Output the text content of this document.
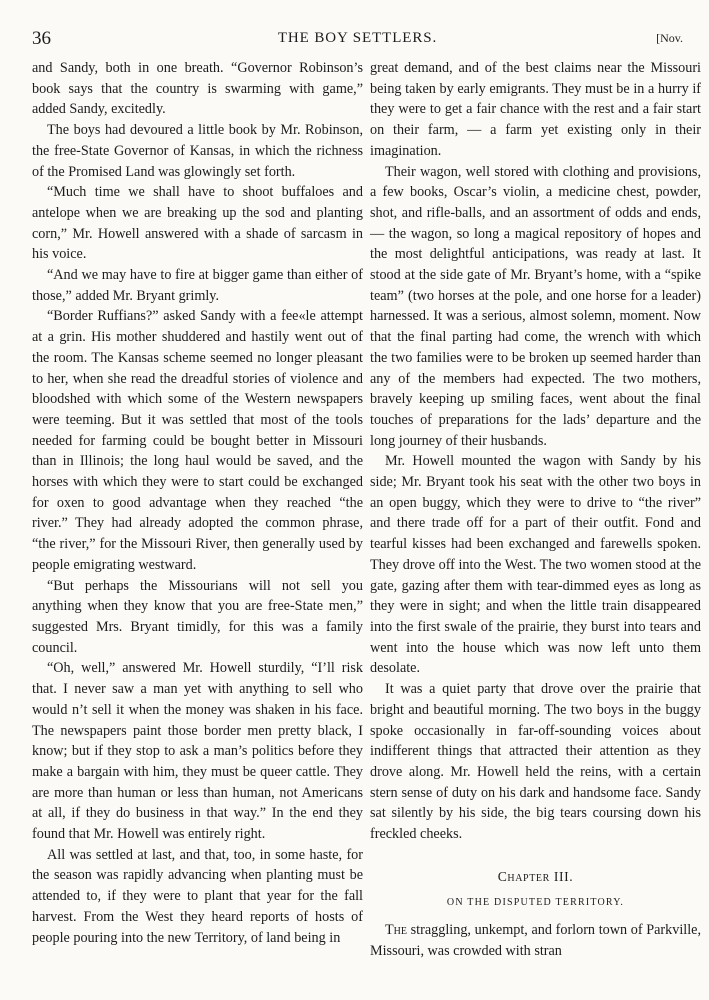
36	THE BOY SETTLERS.	[Nov.

and Sandy, both in one breath. “Governor Robinson’s book says that the country is swarming with game,” added Sandy, excitedly.

The boys had devoured a little book by Mr. Robinson, the free-State Governor of Kansas, in which the richness of the Promised Land was glowingly set forth.

“Much time we shall have to shoot buffaloes and antelope when we are breaking up the sod and planting corn,” Mr. Howell answered with a shade of sarcasm in his voice.

“And we may have to fire at bigger game than either of those,” added Mr. Bryant grimly.

“Border Ruffians?” asked Sandy with a fee«le attempt at a grin. His mother shuddered and hastily went out of the room. The Kansas scheme seemed no longer pleasant to her, when she read the dreadful stories of violence and bloodshed with which some of the Western newspapers were teeming. But it was settled that most of the tools needed for farming could be bought better in Missouri than in Illinois; the long haul would be saved, and the horses with which they were to start could be exchanged for oxen to good advantage when they reached “the river.” They had already adopted the common phrase, “the river,” for the Missouri River, then generally used by people emigrating westward.

“But perhaps the Missourians will not sell you anything when they know that you are free-State men,” suggested Mrs. Bryant timidly, for this was a family council.

“Oh, well,” answered Mr. Howell sturdily, “I’ll risk that. I never saw a man yet with anything to sell who would n’t sell it when the money was shaken in his face. The newspapers paint those border men pretty black, I know; but if they stop to ask a man’s politics before they make a bargain with him, they must be queer cattle. They are more than human or less than human, not Americans at all, if they do business in that way.” In the end they found that Mr. Howell was entirely right.

All was settled at last, and that, too, in some haste, for the season was rapidly advancing when planting must be attended to, if they were to plant that year for the fall harvest. From the West they heard reports of hosts of people pouring into the new Territory, of land being in

great demand, and of the best claims near the Missouri being taken by early emigrants. They must be in a hurry if they were to get a fair chance with the rest and a fair start on their farm, — a farm yet existing only in their imagination.

Their wagon, well stored with clothing and provisions, a few books, Oscar’s violin, a medicine chest, powder, shot, and rifle-balls, and an assortment of odds and ends, — the wagon, so long a magical repository of hopes and the most delightful anticipations, was ready at last. It stood at the side gate of Mr. Bryant’s home, with a “spike team” (two horses at the pole, and one horse for a leader) harnessed. It was a serious, almost solemn, moment. Now that the final parting had come, the wrench with which the two families were to be broken up seemed harder than any of the members had expected. The two mothers, bravely keeping up smiling faces, went about the final touches of preparations for the lads’ departure and the long journey of their husbands.

Mr. Howell mounted the wagon with Sandy by his side; Mr. Bryant took his seat with the other two boys in an open buggy, which they were to drive to “the river” and there trade off for a part of their outfit. Fond and tearful kisses had been exchanged and farewells spoken. They drove off into the West. The two women stood at the gate, gazing after them with tear-dimmed eyes as long as they were in sight; and when the little train disappeared into the first swale of the prairie, they burst into tears and went into the house which was now left unto them desolate.

It was a quiet party that drove over the prairie that bright and beautiful morning. The two boys in the buggy spoke occasionally in far-off-sounding voices about indifferent things that attracted their attention as they drove along. Mr. Howell held the reins, with a certain stern sense of duty on his dark and handsome face. Sandy sat silently by his side, the big tears coursing down his freckled cheeks.

Chapter III.

ON THE DISPUTED TERRITORY.

The straggling, unkempt, and forlorn town of Parkville, Missouri, was crowded with stran
